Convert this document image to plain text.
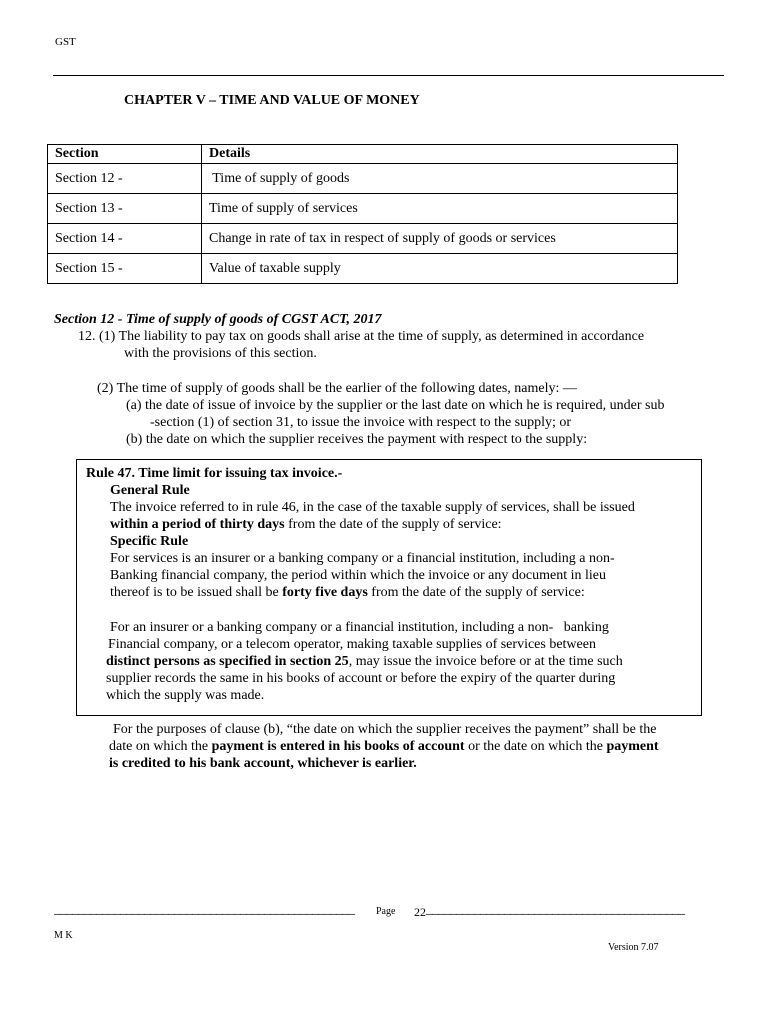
GST
CHAPTER V – TIME AND VALUE OF MONEY
Section	Details
Section 12 -	Time of supply of goods
Section 13 -	Time of supply of services
Section 14 -	Change in rate of tax in respect of supply of goods or services
Section 15 -	Value of taxable supply
Section 12 - Time of supply of goods of CGST ACT, 2017
12. (1) The liability to pay tax on goods shall arise at the time of supply, as determined in accordance
with the provisions of this section.
(2) The time of supply of goods shall be the earlier of the following dates, namely: —
(a) the date of issue of invoice by the supplier or the last date on which he is required, under sub
-section (1) of section 31, to issue the invoice with respect to the supply; or
(b) the date on which the supplier receives the payment with respect to the supply:
Rule 47. Time limit for issuing tax invoice.-
General Rule
The invoice referred to in rule 46, in the case of the taxable supply of services, shall be issued
within a period of thirty days from the date of the supply of service:
Specific Rule
For services is an insurer or a banking company or a financial institution, including a non-
Banking financial company, the period within which the invoice or any document in lieu
thereof is to be issued shall be forty five days from the date of the supply of service:
For an insurer or a banking company or a financial institution, including a non-   banking
Financial company, or a telecom operator, making taxable supplies of services between
distinct persons as specified in section 25, may issue the invoice before or at the time such
supplier records the same in his books of account or before the expiry of the quarter during
which the supply was made.
For the purposes of clause (b), “the date on which the supplier receives the payment” shall be the
date on which the payment is entered in his books of account or the date on which the payment
is credited to his bank account, whichever is earlier.
__________________________________________________	Page 22 ___________________________________________
M K
Version 7.07
